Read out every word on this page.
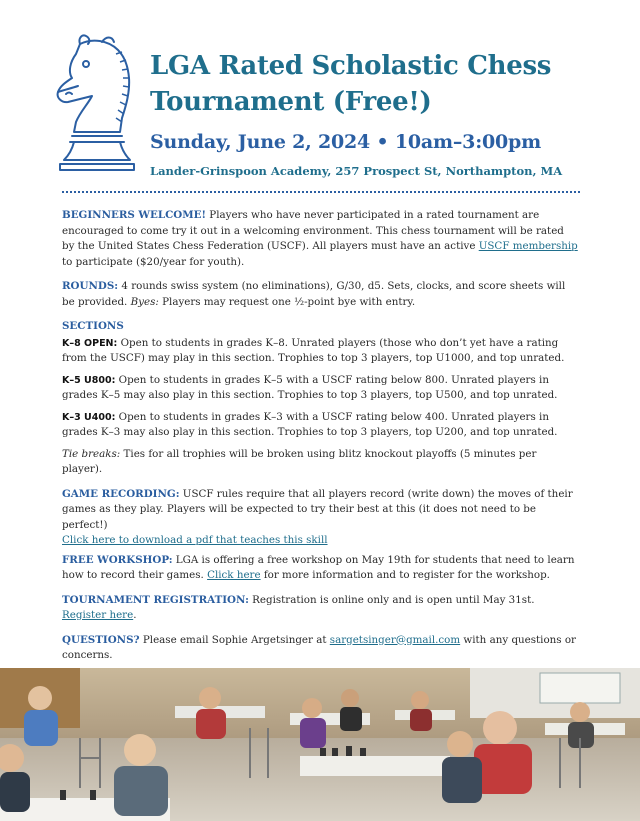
LGA Rated Scholastic Chess
Tournament (Free!)
Sunday, June 2, 2024 • 10am–3:00pm
Lander-Grinspoon Academy, 257 Prospect St, Northampton, MA

BEGINNERS WELCOME! Players who have never participated in a rated tournament are encouraged to come try it out in a welcoming environment. This chess tournament will be rated by the United States Chess Federation (USCF). All players must have an active USCF membership to participate ($20/year for youth).

ROUNDS: 4 rounds swiss system (no eliminations), G/30, d5. Sets, clocks, and score sheets will be provided. Byes: Players may request one ½-point bye with entry.

SECTIONS

K–8 OPEN: Open to students in grades K–8. Unrated players (those who don’t yet have a rating from the USCF) may play in this section. Trophies to top 3 players, top U1000, and top unrated.

K–5 U800: Open to students in grades K–5 with a USCF rating below 800. Unrated players in grades K–5 may also play in this section. Trophies to top 3 players, top U500, and top unrated.

K–3 U400: Open to students in grades K–3 with a USCF rating below 400. Unrated players in grades K–3 may also play in this section. Trophies to top 3 players, top U200, and top unrated.

Tie breaks: Ties for all trophies will be broken using blitz knockout playoffs (5 minutes per player).

GAME RECORDING: USCF rules require that all players record (write down) the moves of their games as they play. Players will be expected to try their best at this (it does not need to be perfect!)
Click here to download a pdf that teaches this skill

FREE WORKSHOP: LGA is offering a free workshop on May 19th for students that need to learn how to record their games. Click here for more information and to register for the workshop.

TOURNAMENT REGISTRATION: Registration is online only and is open until May 31st. Register here.

QUESTIONS? Please email Sophie Argetsinger at sargetsinger@gmail.com with any questions or concerns.
